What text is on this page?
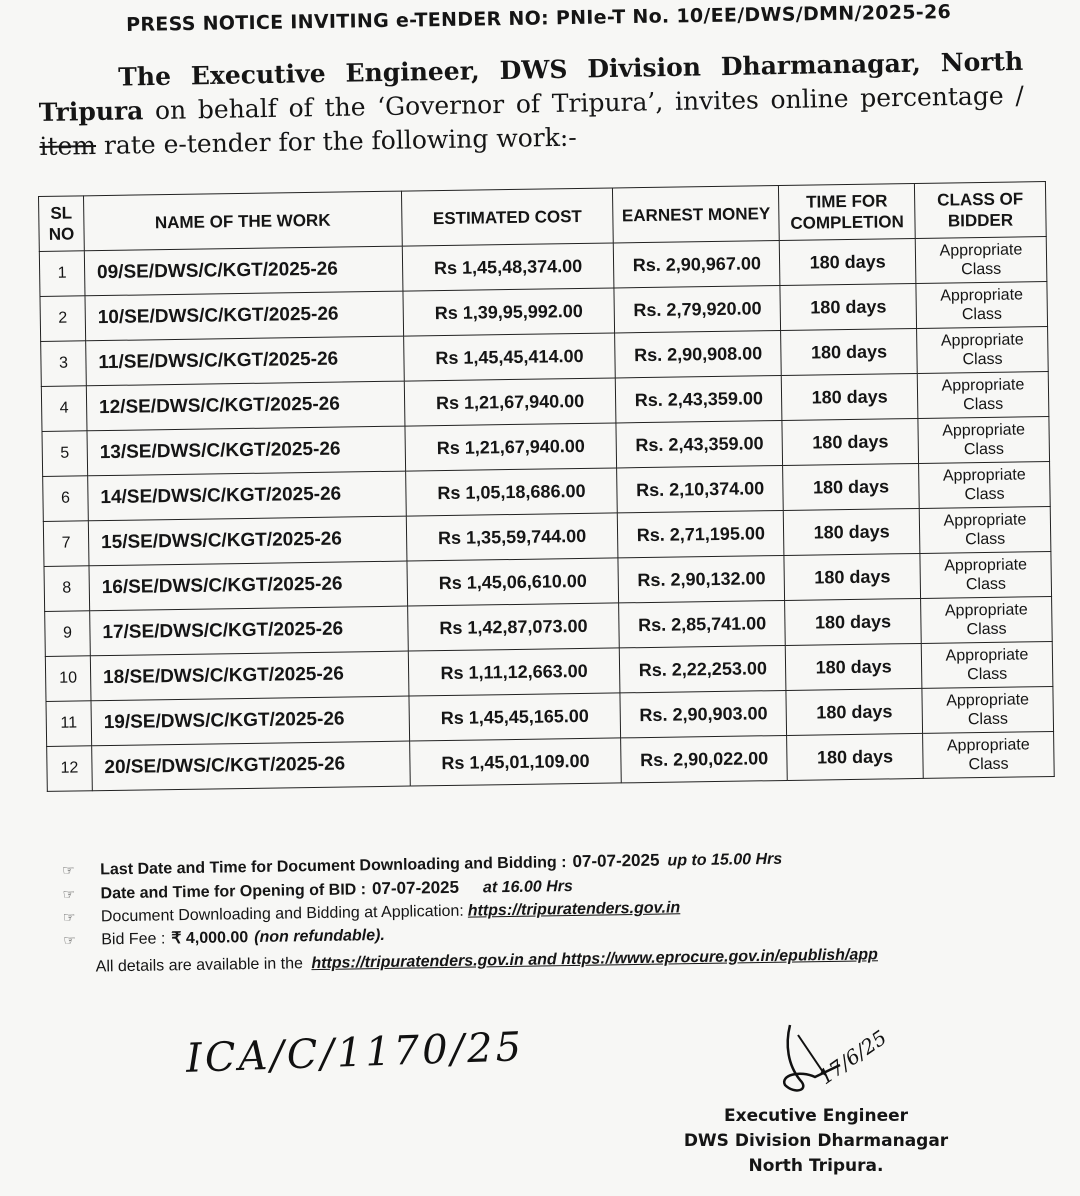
PRESS NOTICE INVITING e-TENDER NO: PNIe-T No. 10/EE/DWS/DMN/2025-26
The Executive Engineer, DWS Division Dharmanagar, North Tripura on behalf of the ‘Governor of Tripura’, invites online percentage / item rate e-tender for the following work:-
SL NO	NAME OF THE WORK	ESTIMATED COST	EARNEST MONEY	TIME FOR COMPLETION	CLASS OF BIDDER
1	09/SE/DWS/C/KGT/2025-26	Rs 1,45,48,374.00	Rs. 2,90,967.00	180 days	Appropriate Class
2	10/SE/DWS/C/KGT/2025-26	Rs 1,39,95,992.00	Rs. 2,79,920.00	180 days	Appropriate Class
3	11/SE/DWS/C/KGT/2025-26	Rs 1,45,45,414.00	Rs. 2,90,908.00	180 days	Appropriate Class
4	12/SE/DWS/C/KGT/2025-26	Rs 1,21,67,940.00	Rs. 2,43,359.00	180 days	Appropriate Class
5	13/SE/DWS/C/KGT/2025-26	Rs 1,21,67,940.00	Rs. 2,43,359.00	180 days	Appropriate Class
6	14/SE/DWS/C/KGT/2025-26	Rs 1,05,18,686.00	Rs. 2,10,374.00	180 days	Appropriate Class
7	15/SE/DWS/C/KGT/2025-26	Rs 1,35,59,744.00	Rs. 2,71,195.00	180 days	Appropriate Class
8	16/SE/DWS/C/KGT/2025-26	Rs 1,45,06,610.00	Rs. 2,90,132.00	180 days	Appropriate Class
9	17/SE/DWS/C/KGT/2025-26	Rs 1,42,87,073.00	Rs. 2,85,741.00	180 days	Appropriate Class
10	18/SE/DWS/C/KGT/2025-26	Rs 1,11,12,663.00	Rs. 2,22,253.00	180 days	Appropriate Class
11	19/SE/DWS/C/KGT/2025-26	Rs 1,45,45,165.00	Rs. 2,90,903.00	180 days	Appropriate Class
12	20/SE/DWS/C/KGT/2025-26	Rs 1,45,01,109.00	Rs. 2,90,022.00	180 days	Appropriate Class
☞	Last Date and Time for Document Downloading and Bidding : 07-07-2025 up to 15.00 Hrs
☞	Date and Time for Opening of BID : 07-07-2025 at 16.00 Hrs
☞	Document Downloading and Bidding at Application: https://tripuratenders.gov.in
☞	Bid Fee : ₹ 4,000.00 (non refundable).
All details are available in the https://tripuratenders.gov.in and https://www.eprocure.gov.in/epublish/app
ICA/C/1170/25	17/6/25
Executive Engineer
DWS Division Dharmanagar
North Tripura.
